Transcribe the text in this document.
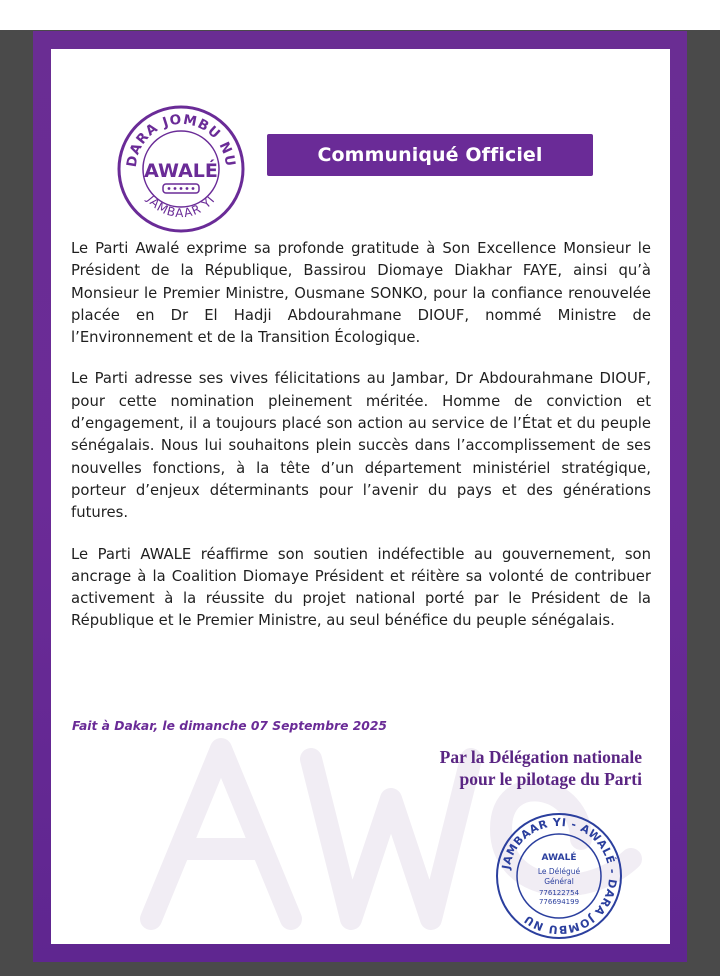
DARA JOMBU NU
JAMBAAR YI
AWALÉ
Communiqué Officiel

Le Parti Awalé exprime sa profonde gratitude à Son Excellence Monsieur le Président de la République, Bassirou Diomaye Diakhar FAYE, ainsi qu’à Monsieur le Premier Ministre, Ousmane SONKO, pour la confiance renouvelée placée en Dr El Hadji Abdourahmane DIOUF, nommé Ministre de l’Environnement et de la Transition Écologique.

Le Parti adresse ses vives félicitations au Jambar, Dr Abdourahmane DIOUF, pour cette nomination pleinement méritée. Homme de conviction et d’engagement, il a toujours placé son action au service de l’État et du peuple sénégalais. Nous lui souhaitons plein succès dans l’accomplissement de ses nouvelles fonctions, à la tête d’un département ministériel stratégique, porteur d’enjeux déterminants pour l’avenir du pays et des générations futures.

Le Parti AWALE réaffirme son soutien indéfectible au gouvernement, son ancrage à la Coalition Diomaye Président et réitère sa volonté de contribuer activement à la réussite du projet national porté par le Président de la République et le Premier Ministre, au seul bénéfice du peuple sénégalais.

Fait à Dakar, le dimanche 07 Septembre 2025
Par la Délégation nationale
pour le pilotage du Parti
JAMBAAR YI - AWALÉ - DARA JOMBU NU
AWALÉ
Le Délégué
Général
776122754
776694199
